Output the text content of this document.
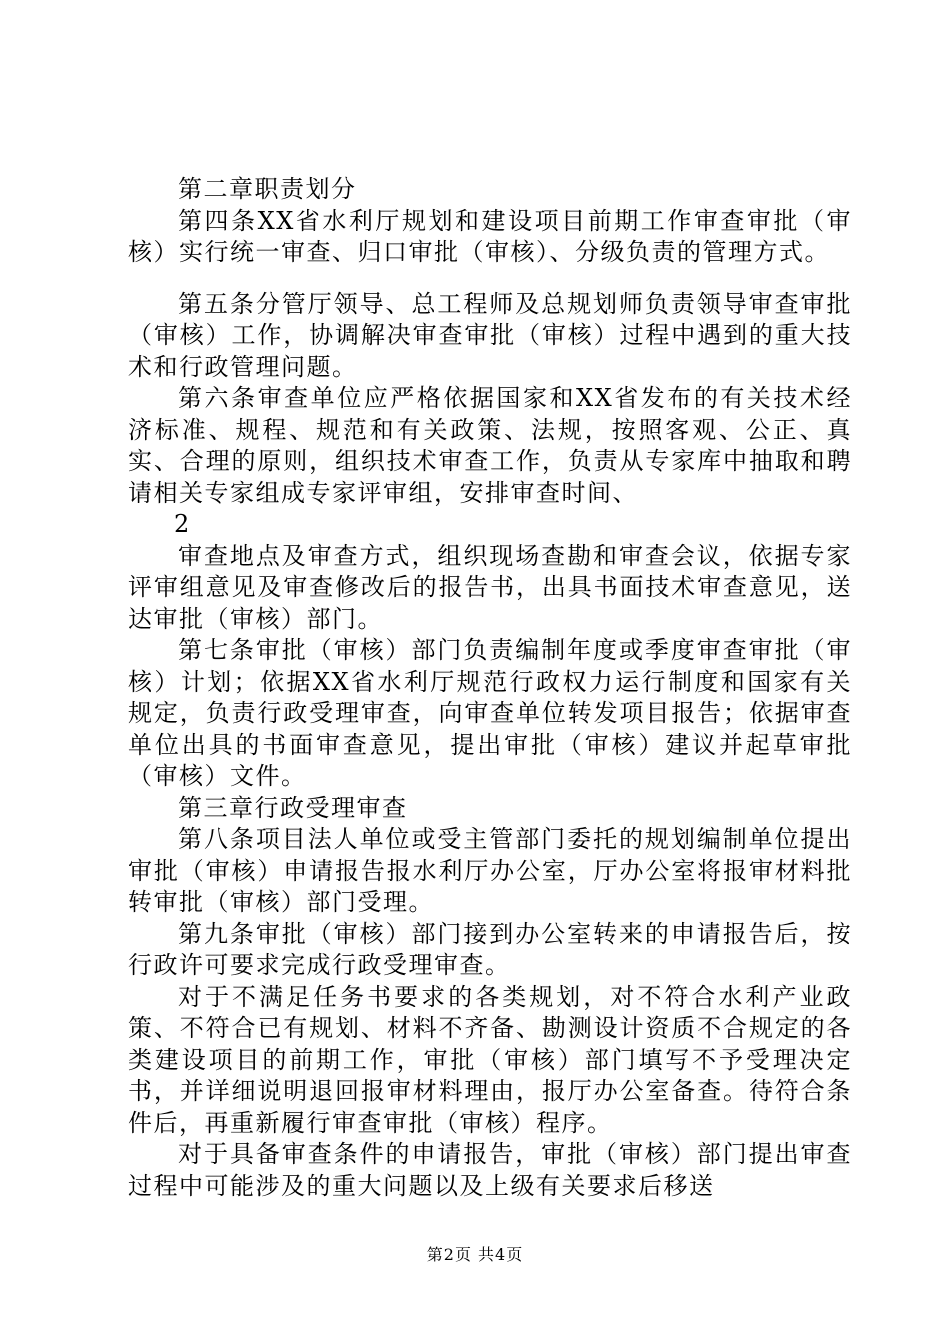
第二章职责划分

第四条XX省水利厅规划和建设项目前期工作审查审批（审核）实行统一审查、归口审批（审核）、分级负责的管理方式。

第五条分管厅领导、总工程师及总规划师负责领导审查审批（审核）工作，协调解决审查审批（审核）过程中遇到的重大技术和行政管理问题。

第六条审查单位应严格依据国家和XX省发布的有关技术经济标准、规程、规范和有关政策、法规，按照客观、公正、真实、合理的原则，组织技术审查工作，负责从专家库中抽取和聘请相关专家组成专家评审组，安排审查时间、

2

审查地点及审查方式，组织现场查勘和审查会议，依据专家评审组意见及审查修改后的报告书，出具书面技术审查意见，送达审批（审核）部门。

第七条审批（审核）部门负责编制年度或季度审查审批（审核）计划；依据XX省水利厅规范行政权力运行制度和国家有关规定，负责行政受理审查，向审查单位转发项目报告；依据审查单位出具的书面审查意见，提出审批（审核）建议并起草审批（审核）文件。

第三章行政受理审查

第八条项目法人单位或受主管部门委托的规划编制单位提出审批（审核）申请报告报水利厅办公室，厅办公室将报审材料批转审批（审核）部门受理。

第九条审批（审核）部门接到办公室转来的申请报告后，按行政许可要求完成行政受理审查。

对于不满足任务书要求的各类规划，对不符合水利产业政策、不符合已有规划、材料不齐备、勘测设计资质不合规定的各类建设项目的前期工作，审批（审核）部门填写不予受理决定书，并详细说明退回报审材料理由，报厅办公室备查。待符合条件后，再重新履行审查审批（审核）程序。

对于具备审查条件的申请报告，审批（审核）部门提出审查过程中可能涉及的重大问题以及上级有关要求后移送

第2页 共4页
